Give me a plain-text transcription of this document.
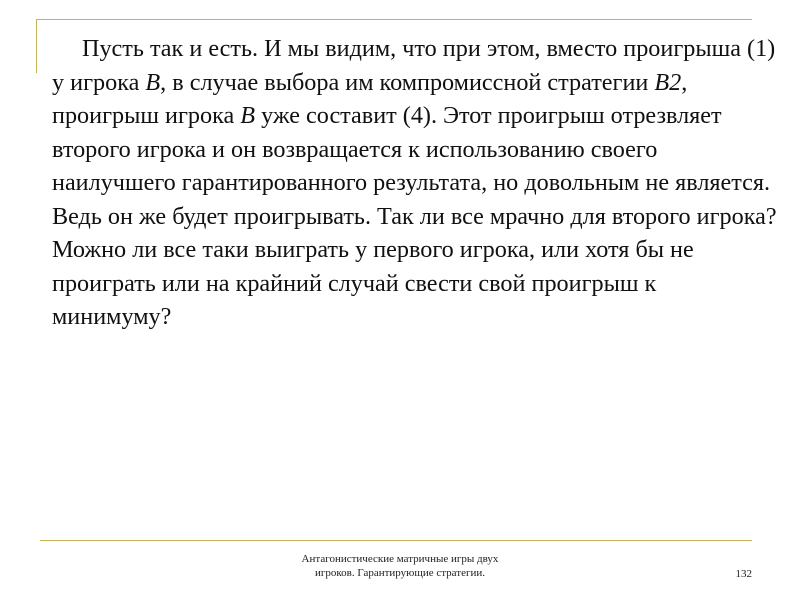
Пусть так и есть. И мы видим, что при этом, вместо проигрыша (1) у игрока B, в случае выбора им компромиссной стратегии B2, проигрыш игрока B уже составит (4). Этот проигрыш отрезвляет второго игрока и он возвращается к использованию своего наилучшего гарантированного результата, но довольным не является. Ведь он же будет проигрывать. Так ли все мрачно для второго игрока? Можно ли все таки выиграть у первого игрока, или хотя бы не проиграть или на крайний случай свести свой проигрыш к минимуму?

Антагонистические матричные игры двух
игроков. Гарантирующие стратегии.	132
